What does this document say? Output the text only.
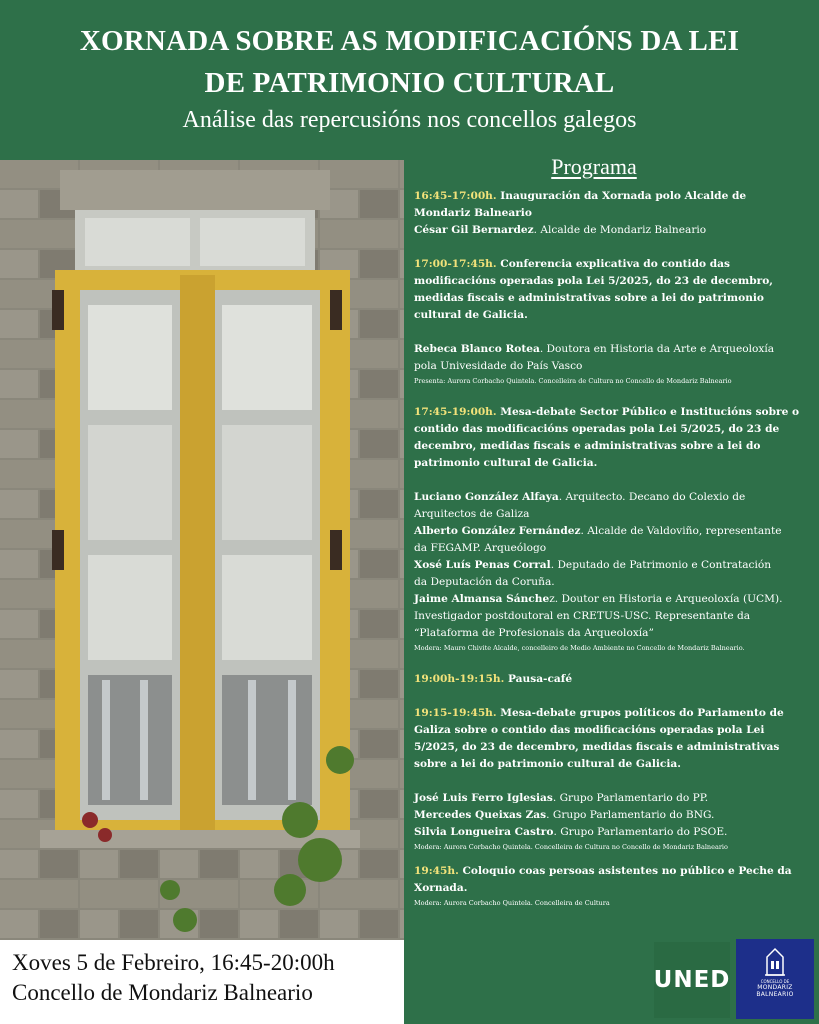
XORNADA SOBRE AS MODIFICACIÓNS DA LEI
DE PATRIMONIO CULTURAL
Análise das repercusións nos concellos galegos
Xoves 5 de Febreiro, 16:45-20:00h
Concello de Mondariz Balneario
Programa
16:45-17:00h. Inauguración da Xornada polo Alcalde de
Mondariz Balneario
César Gil Bernardez. Alcalde de Mondariz Balneario
17:00-17:45h. Conferencia explicativa do contido das
modificacións operadas pola Lei 5/2025, do 23 de decembro,
medidas fiscais e administrativas sobre a lei do patrimonio
cultural de Galicia.
Rebeca Blanco Rotea. Doutora en Historia da Arte e Arqueoloxía
pola Univesidade do País Vasco
Presenta: Aurora Corbacho Quintela. Concelleira de Cultura no Concello de Mondariz Balneario
17:45-19:00h. Mesa-debate Sector Público e Institucións sobre o
contido das modificacións operadas pola Lei 5/2025, do 23 de
decembro, medidas fiscais e administrativas sobre a lei do
patrimonio cultural de Galicia.
Luciano González Alfaya. Arquitecto. Decano do Colexio de
Arquitectos de Galiza
Alberto González Fernández. Alcalde de Valdoviño, representante
da FEGAMP. Arqueólogo
Xosé Luís Penas Corral. Deputado de Patrimonio e Contratación
da Deputación da Coruña.
Jaime Almansa Sánchez. Doutor en Historia e Arqueoloxía (UCM).
Investigador postdoutoral en CRETUS-USC. Representante da
“Plataforma de Profesionais da Arqueoloxía”
Modera: Mauro Chivite Alcalde, concelleiro de Medio Ambiente no Concello de Mondariz Balneario.
19:00h-19:15h. Pausa-café
19:15-19:45h. Mesa-debate grupos políticos do Parlamento de
Galiza sobre o contido das modificacións operadas pola Lei
5/2025, do 23 de decembro, medidas fiscais e administrativas
sobre a lei do patrimonio cultural de Galicia.
José Luis Ferro Iglesias. Grupo Parlamentario do PP.
Mercedes Queixas Zas. Grupo Parlamentario do BNG.
Silvia Longueira Castro. Grupo Parlamentario do PSOE.
Modera: Aurora Corbacho Quintela. Concelleira de Cultura no Concello de Mondariz Balneario
19:45h. Coloquio coas persoas asistentes no público e Peche da
Xornada.
Modera: Aurora Corbacho Quintela. Concelleira de Cultura
UNED	CONCELLO DE
MONDARIZ
BALNEARIO
